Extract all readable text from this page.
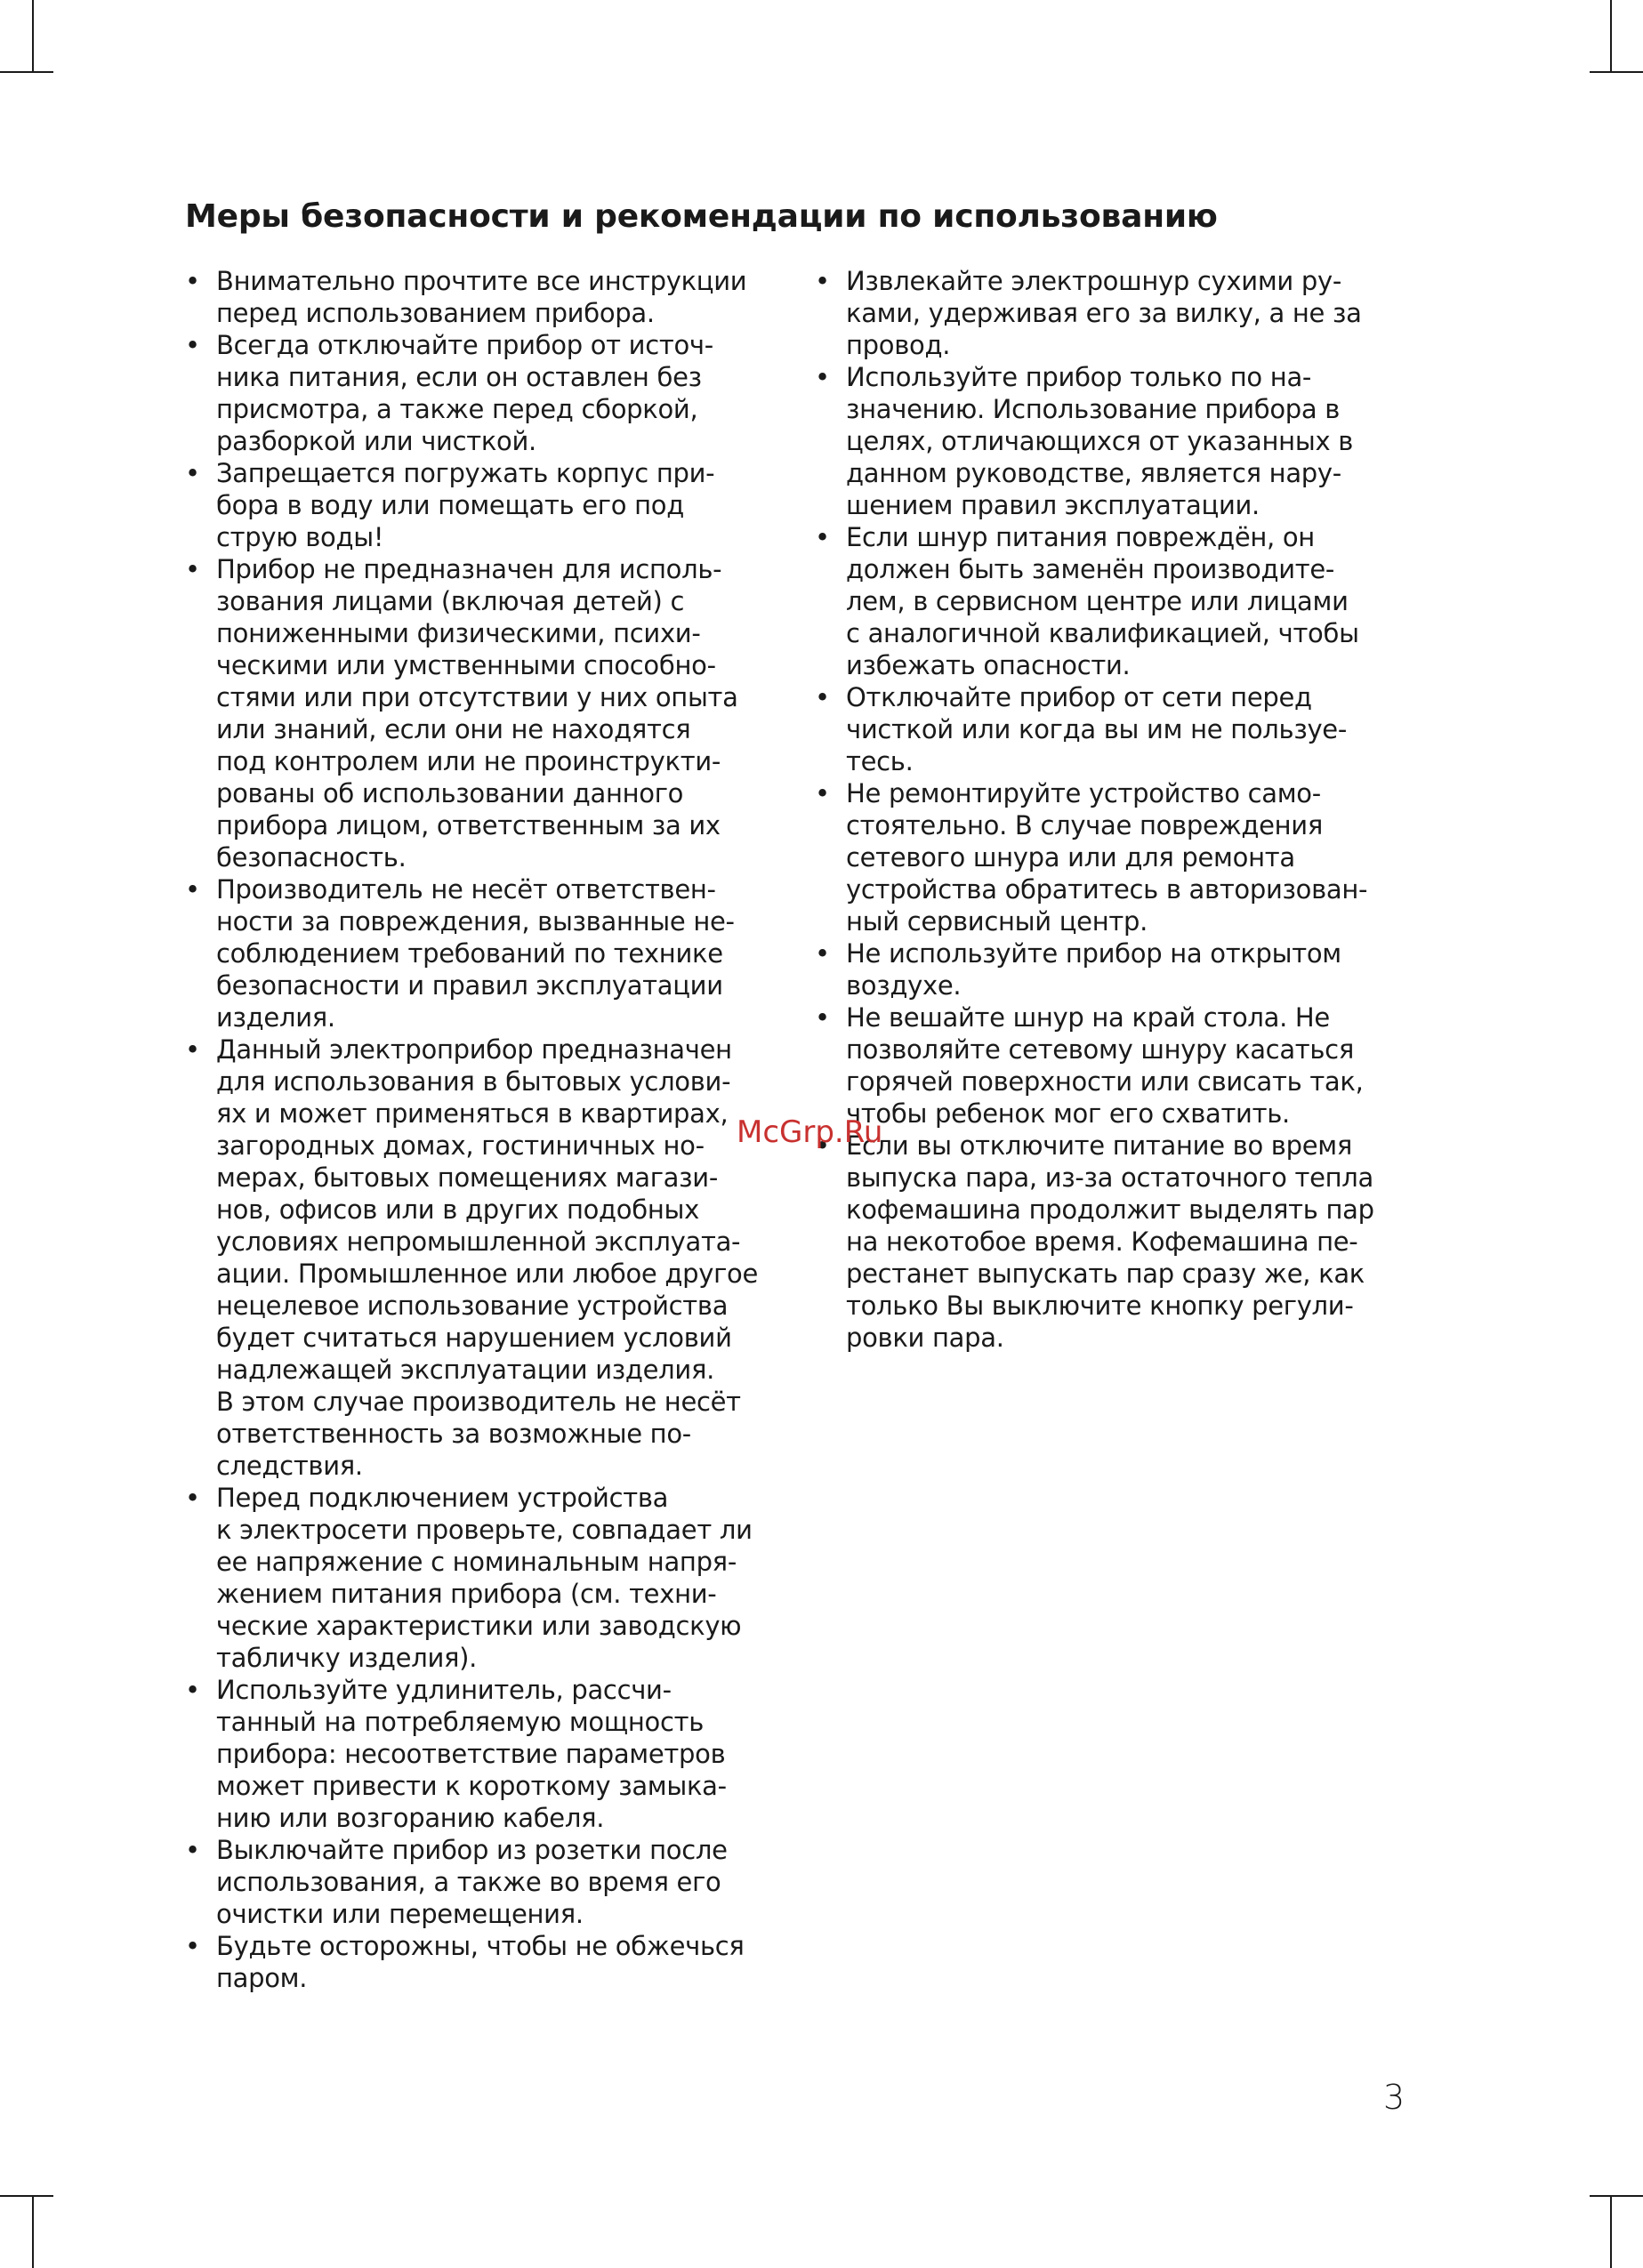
Меры безопасности и рекомендации по использованию
• Внимательно прочтите все инструкции
перед использованием прибора.
• Всегда отключайте прибор от источ-
ника питания, если он оставлен без
присмотра, а также перед сборкой,
разборкой или чисткой.
• Запрещается погружать корпус при-
бора в воду или помещать его под
струю воды!
• Прибор не предназначен для исполь-
зования лицами (включая детей) с
пониженными физическими, психи-
ческими или умственными способно-
стями или при отсутствии у них опыта
или знаний, если они не находятся
под контролем или не проинструкти-
рованы об использовании данного
прибора лицом, ответственным за их
безопасность.
• Производитель не несёт ответствен-
ности за повреждения, вызванные не-
соблюдением требований по технике
безопасности и правил эксплуатации
изделия.
• Данный электроприбор предназначен
для использования в бытовых услови-
ях и может применяться в квартирах,
загородных домах, гостиничных но-
мерах, бытовых помещениях магази-
нов, офисов или в других подобных
условиях непромышленной эксплуата-
ации. Промышленное или любое другое
нецелевое использование устройства
будет считаться нарушением условий
надлежащей эксплуатации изделия.
В этом случае производитель не несёт
ответственность за возможные по-
следствия.
• Перед подключением устройства
к электросети проверьте, совпадает ли
ее напряжение с номинальным напря-
жением питания прибора (см. техни-
ческие характеристики или заводскую
табличку изделия).
• Используйте удлинитель, рассчи-
танный на потребляемую мощность
прибора: несоответствие параметров
может привести к короткому замыка-
нию или возгоранию кабеля.
• Выключайте прибор из розетки после
использования, а также во время его
очистки или перемещения.
• Будьте осторожны, чтобы не обжечься
паром.
• Извлекайте электрошнур сухими ру-
ками, удерживая его за вилку, а не за
провод.
• Используйте прибор только по на-
значению. Использование прибора в
целях, отличающихся от указанных в
данном руководстве, является нару-
шением правил эксплуатации.
• Если шнур питания повреждён, он
должен быть заменён производите-
лем, в сервисном центре или лицами
с аналогичной квалификацией, чтобы
избежать опасности.
• Отключайте прибор от сети перед
чисткой или когда вы им не пользуе-
тесь.
• Не ремонтируйте устройство само-
стоятельно. В случае повреждения
сетевого шнура или для ремонта
устройства обратитесь в авторизован-
ный сервисный центр.
• Не используйте прибор на открытом
воздухе.
• Не вешайте шнур на край стола. Не
позволяйте сетевому шнуру касаться
горячей поверхности или свисать так,
чтобы ребенок мог его схватить.
• Если вы отключите питание во время
выпуска пара, из-за остаточного тепла
кофемашина продолжит выделять пар
на некотобое время. Кофемашина пе-
рестанет выпускать пар сразу же, как
только Вы выключите кнопку регули-
ровки пара.
McGrp.Ru
3
